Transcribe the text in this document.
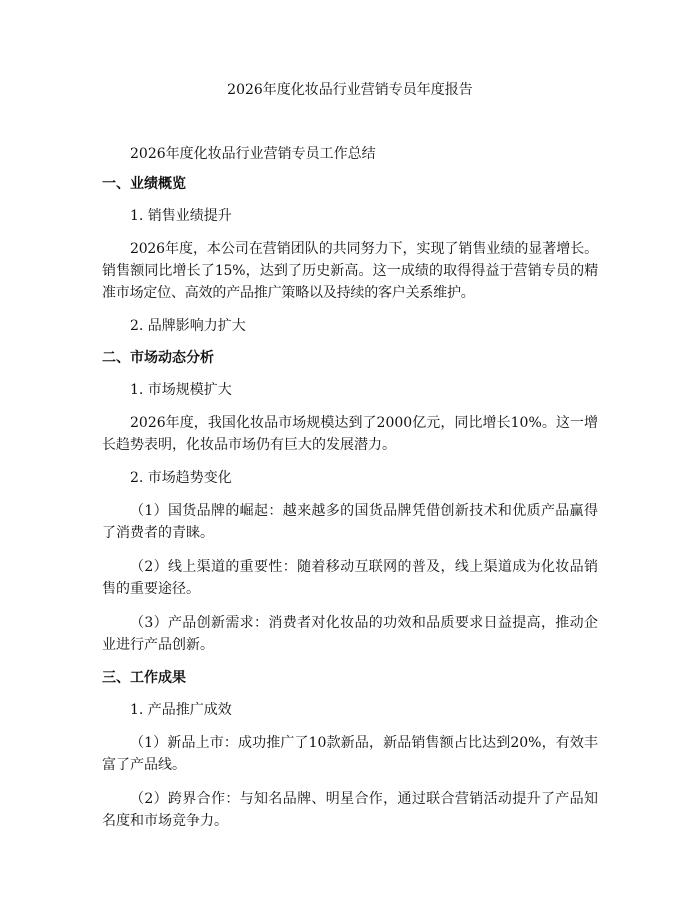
2026年度化妆品行业营销专员年度报告
2026年度化妆品行业营销专员工作总结
一、业绩概览
1. 销售业绩提升

2026年度，本公司在营销团队的共同努力下，实现了销售业绩的显著增长。销售额同比增长了15%，达到了历史新高。这一成绩的取得得益于营销专员的精准市场定位、高效的产品推广策略以及持续的客户关系维护。

2. 品牌影响力扩大
二、市场动态分析
1. 市场规模扩大

2026年度，我国化妆品市场规模达到了2000亿元，同比增长10%。这一增长趋势表明，化妆品市场仍有巨大的发展潜力。

2. 市场趋势变化

（1）国货品牌的崛起：越来越多的国货品牌凭借创新技术和优质产品赢得了消费者的青睐。

（2）线上渠道的重要性：随着移动互联网的普及，线上渠道成为化妆品销售的重要途径。

（3）产品创新需求：消费者对化妆品的功效和品质要求日益提高，推动企业进行产品创新。

三、工作成果
1. 产品推广成效

（1）新品上市：成功推广了10款新品，新品销售额占比达到20%，有效丰富了产品线。

（2）跨界合作：与知名品牌、明星合作，通过联合营销活动提升了产品知名度和市场竞争力。
